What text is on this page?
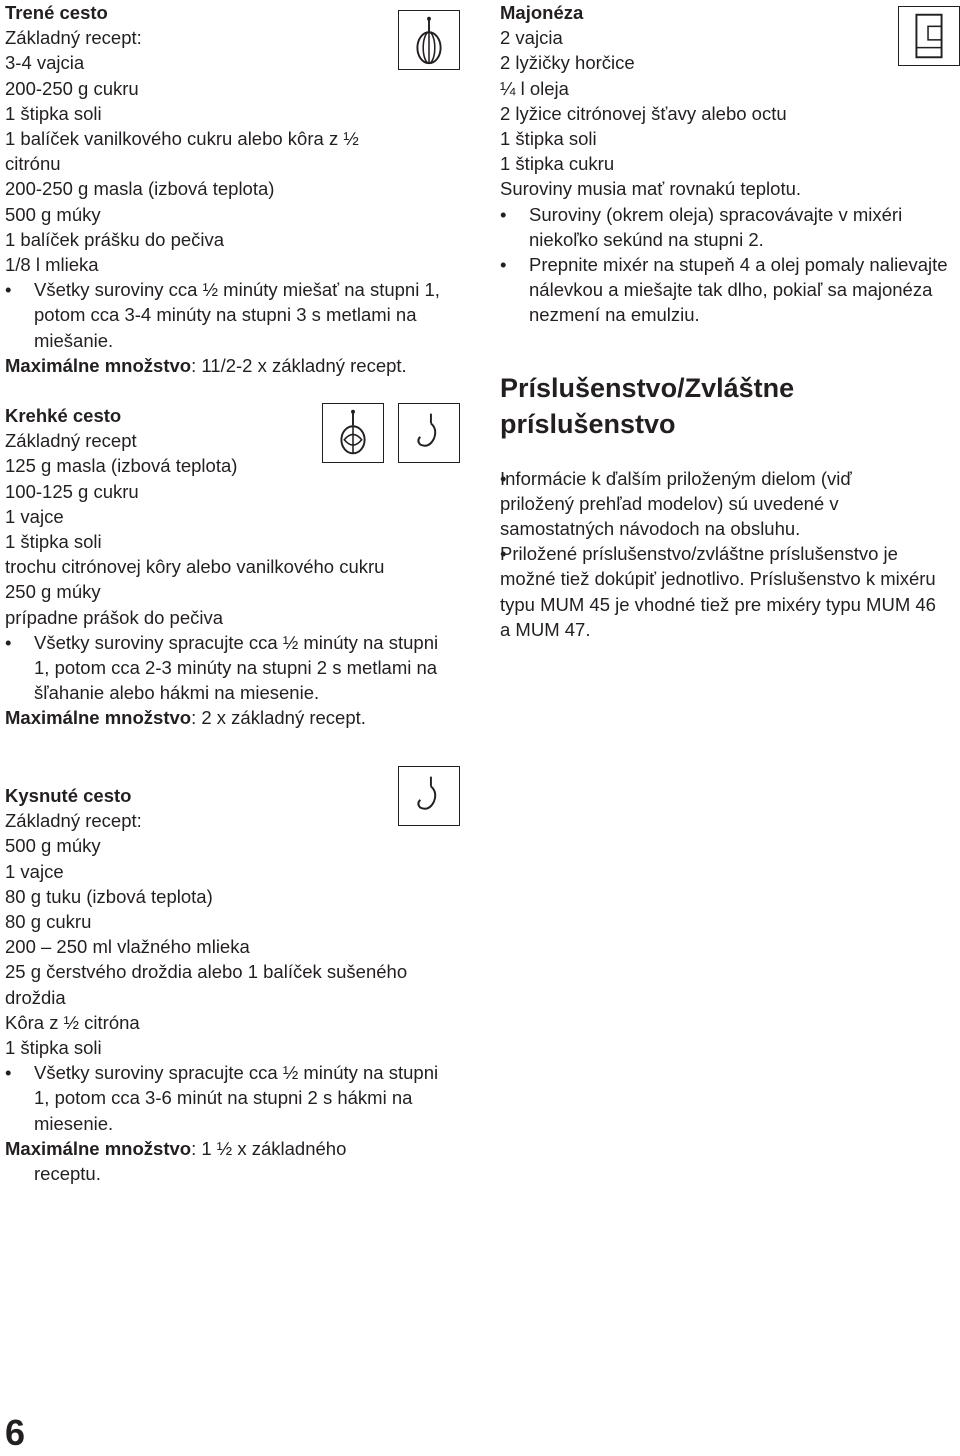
Trené cesto

Základný recept:

3-4 vajcia

200-250 g cukru

1 štipka soli

1 balíček vanilkového cukru alebo kôra z ½

citrónu

200-250 g masla (izbová teplota)

500 g múky

1 balíček prášku do pečiva

1/8 l mlieka

• Všetky suroviny cca ½ minúty miešať na stupni 1, potom cca 3-4 minúty na stupni 3 s metlami na miešanie.

Maximálne množstvo: 11/2-2 x základný recept.

Krehké cesto

Základný recept

125 g masla (izbová teplota)

100-125 g cukru

1 vajce

1 štipka soli

trochu citrónovej kôry alebo vanilkového cukru

250 g múky

prípadne prášok do pečiva

• Všetky suroviny spracujte cca ½ minúty na stupni 1, potom cca 2-3 minúty na stupni 2 s metlami na šľahanie alebo hákmi na miesenie.

Maximálne množstvo: 2 x základný recept.

Kysnuté cesto

Základný recept:

500 g múky

1 vajce

80 g tuku (izbová teplota)

80 g cukru

200 – 250 ml vlažného mlieka

25 g čerstvého droždia alebo 1 balíček sušeného

droždia

Kôra z ½ citróna

1 štipka soli

• Všetky suroviny spracujte cca ½ minúty na stupni 1, potom cca 3-6 minút na stupni 2 s hákmi na miesenie.

Maximálne množstvo: 1 ½ x základného receptu.

Majonéza

2 vajcia

2 lyžičky horčice

¼ l oleja

2 lyžice citrónovej šťavy alebo octu

1 štipka soli

1 štipka cukru

Suroviny musia mať rovnakú teplotu.

• Suroviny (okrem oleja) spracovávajte v mixéri niekoľko sekúnd na stupni 2.

• Prepnite mixér na stupeň 4 a olej pomaly nalievajte nálevkou a miešajte tak dlho, pokiaľ sa majonéza nezmení na emulziu.

Príslušenstvo/Zvláštne
príslušenstvo

• Informácie k ďalším priloženým dielom (viď priložený prehľad modelov) sú uvedené v samostatných návodoch na obsluhu.

• Priložené príslušenstvo/zvláštne príslušenstvo je možné tiež dokúpiť jednotlivo. Príslušenstvo k mixéru typu MUM 45 je vhodné tiež pre mixéry typu MUM 46 a MUM 47.

6
